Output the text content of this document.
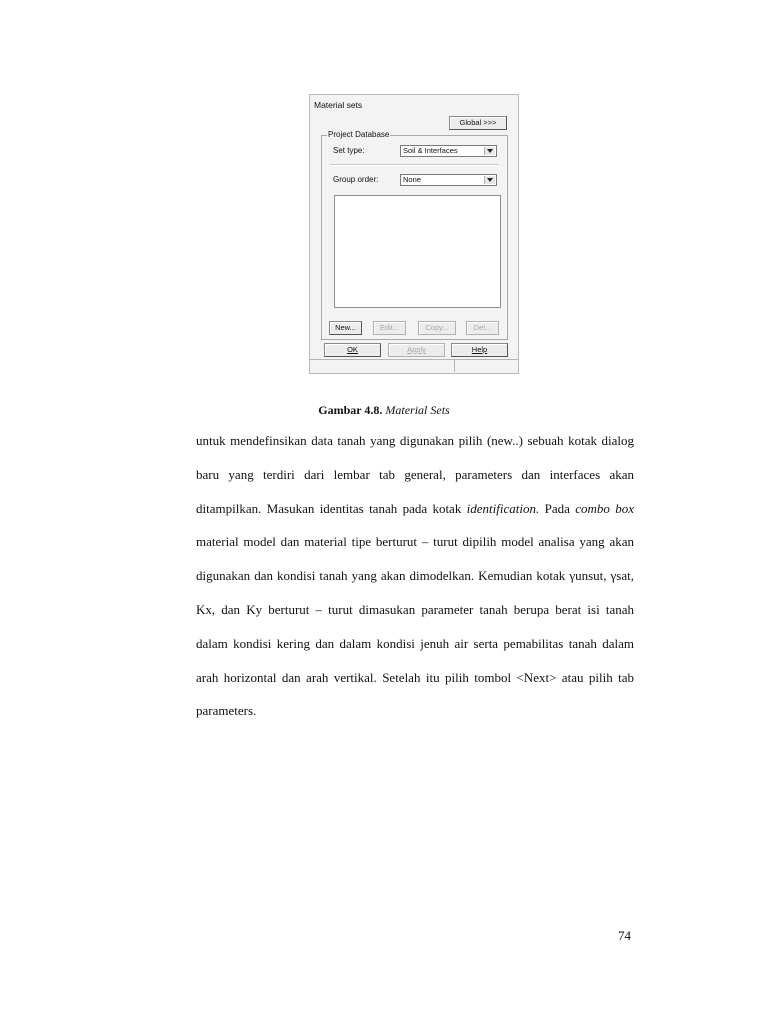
Material sets
Global >>>
Project Database
Set type:	Soil & Interfaces
Group order:	None
New...	Edit...	Copy...	Del...
OK	Apply	Help
Gambar 4.8. Material Sets

untuk mendefinsikan data tanah yang digunakan pilih (new..) sebuah kotak dialog baru yang terdiri dari lembar tab general, parameters dan interfaces akan ditampilkan. Masukan identitas tanah pada kotak identification. Pada combo box material model dan material tipe berturut – turut dipilih model analisa yang akan digunakan dan kondisi tanah yang akan dimodelkan. Kemudian kotak γunsut, γsat, Kx, dan Ky berturut – turut dimasukan parameter tanah berupa berat isi tanah dalam kondisi kering dan dalam kondisi jenuh air serta pemabilitas tanah dalam arah horizontal dan arah vertikal. Setelah itu pilih tombol <Next> atau pilih tab parameters.

74
